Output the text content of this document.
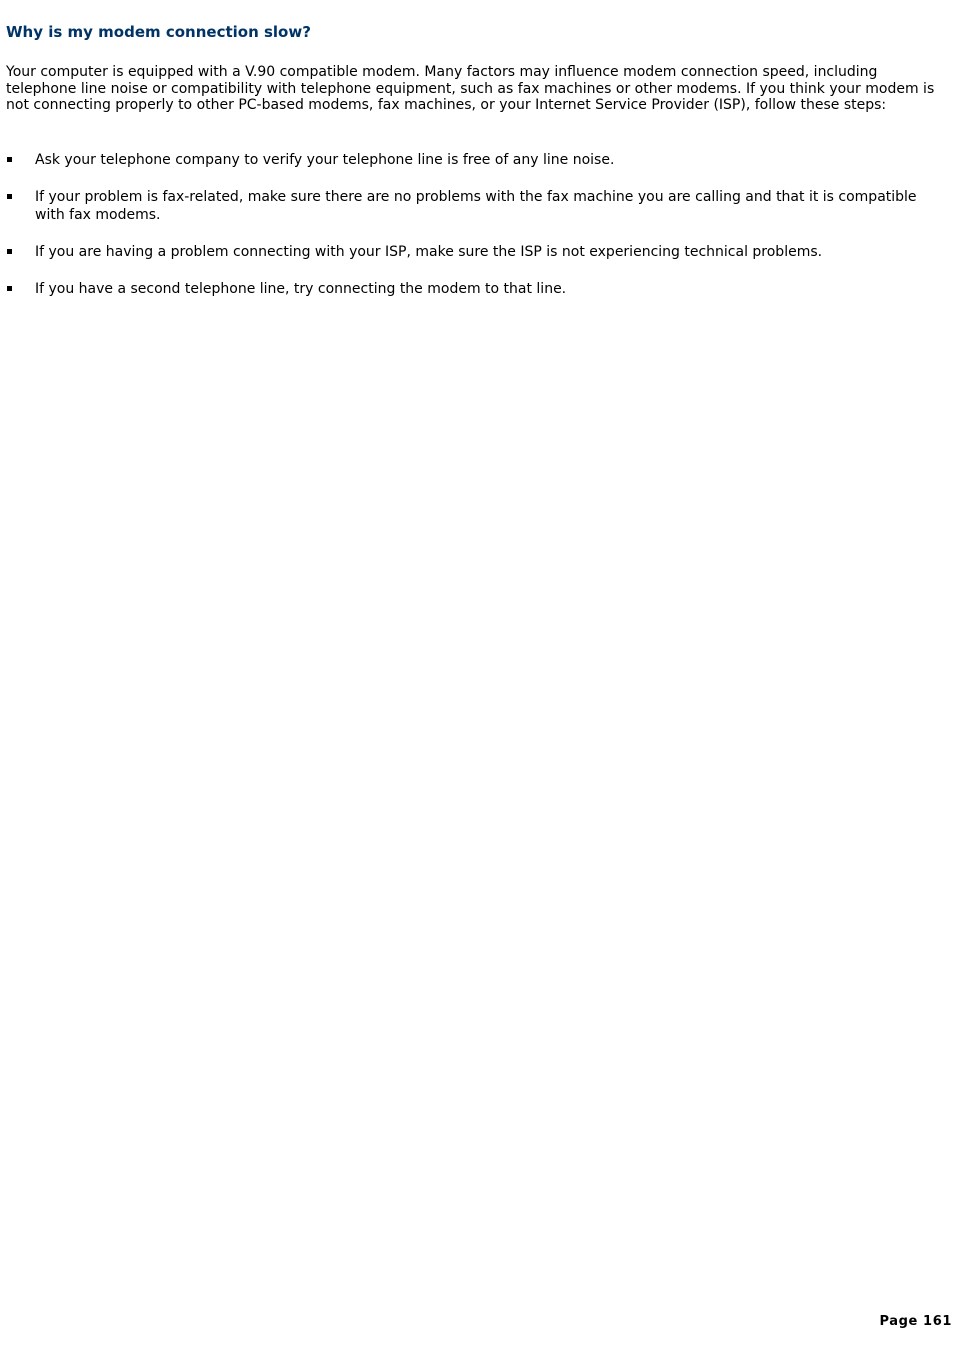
Why is my modem connection slow?

Your computer is equipped with a V.90 compatible modem. Many factors may influence modem connection speed, including telephone line noise or compatibility with telephone equipment, such as fax machines or other modems. If you think your modem is not connecting properly to other PC-based modems, fax machines, or your Internet Service Provider (ISP), follow these steps:

Ask your telephone company to verify your telephone line is free of any line noise.
If your problem is fax-related, make sure there are no problems with the fax machine you are calling and that it is compatible with fax modems.
If you are having a problem connecting with your ISP, make sure the ISP is not experiencing technical problems.
If you have a second telephone line, try connecting the modem to that line.
Page 161
